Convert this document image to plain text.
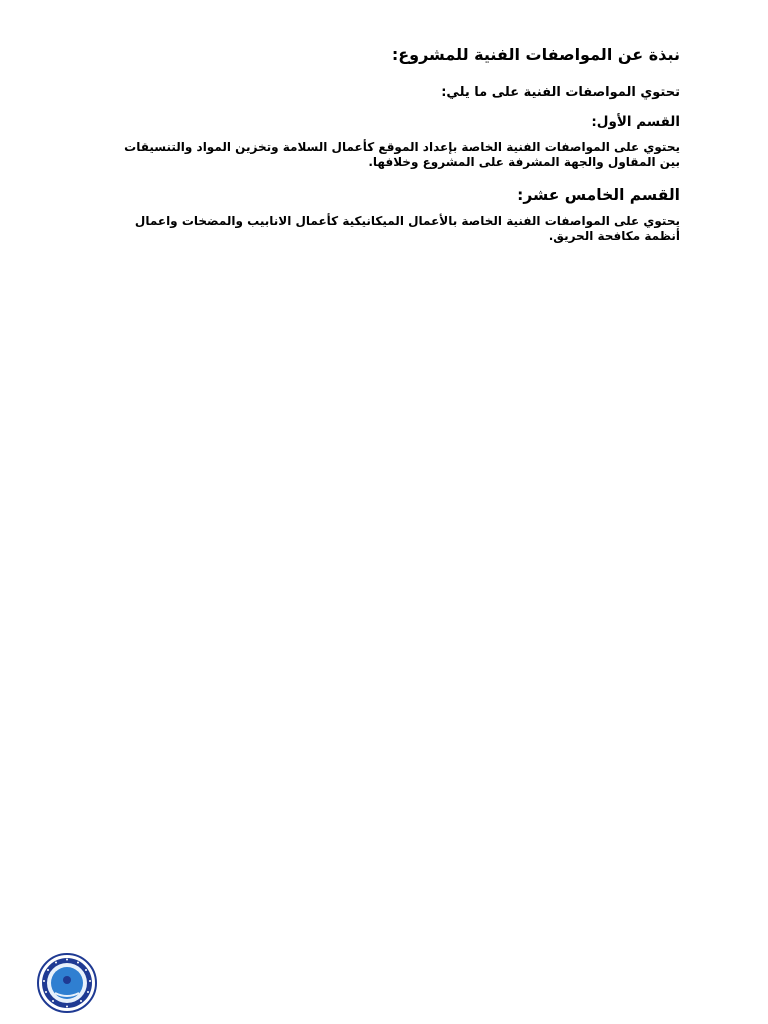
نبذة عن المواصفات الفنية للمشروع:
تحتوي المواصفات الفنية على ما يلي:
القسم الأول:
يحتوي على المواصفات الفنية الخاصة بإعداد الموقع كأعمال السلامة وتخزين المواد والتنسيقات بين المقاول والجهة المشرفة على المشروع وخلافها.
القسم الخامس عشر:
يحتوي على المواصفات الفنية الخاصة بالأعمال الميكانيكية كأعمال الانابيب والمضخات واعمال أنظمة مكافحة الحريق.
